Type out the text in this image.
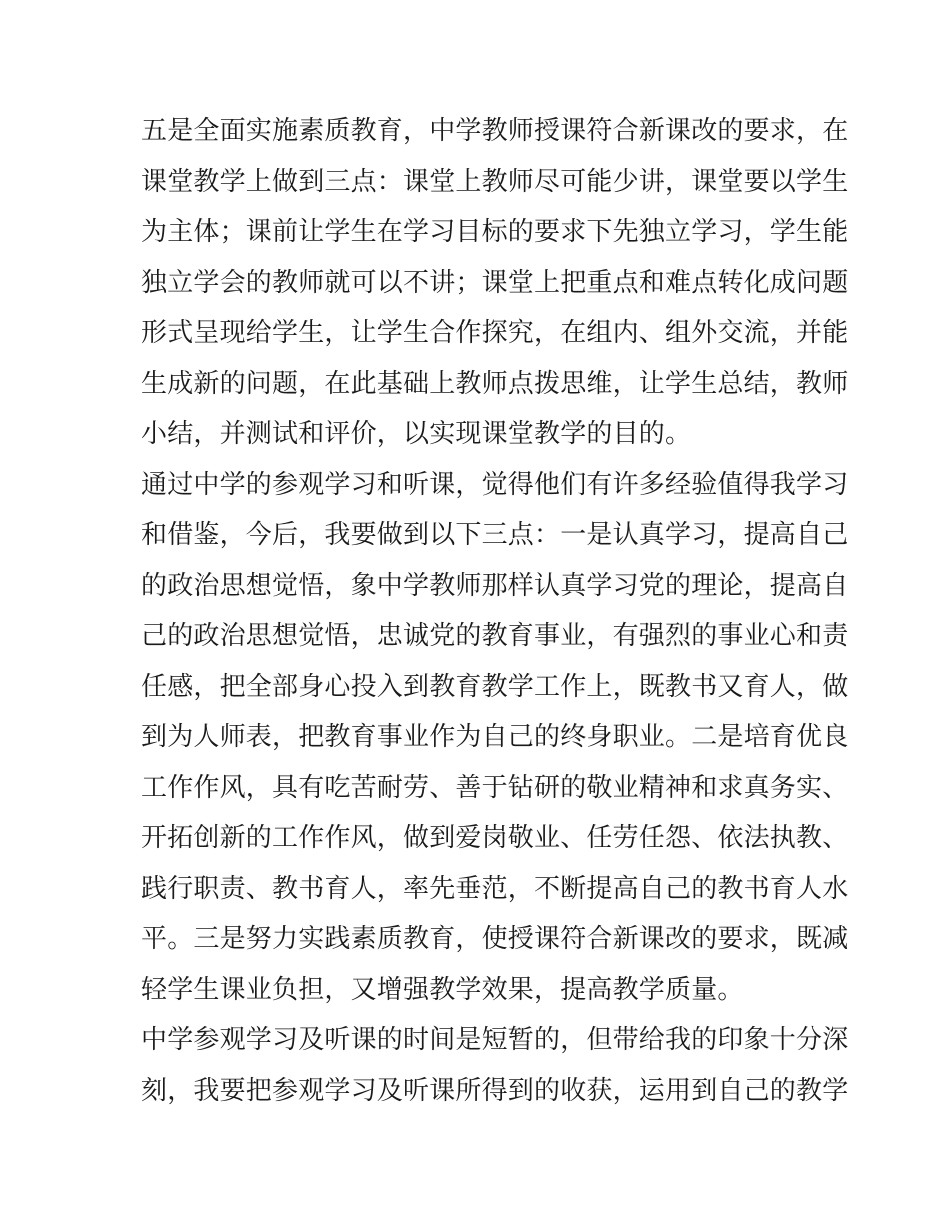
五是全面实施素质教育，中学教师授课符合新课改的要求，在
课堂教学上做到三点：课堂上教师尽可能少讲，课堂要以学生
为主体；课前让学生在学习目标的要求下先独立学习，学生能
独立学会的教师就可以不讲；课堂上把重点和难点转化成问题
形式呈现给学生，让学生合作探究，在组内、组外交流，并能
生成新的问题，在此基础上教师点拨思维，让学生总结，教师
小结，并测试和评价，以实现课堂教学的目的。
通过中学的参观学习和听课，觉得他们有许多经验值得我学习
和借鉴，今后，我要做到以下三点：一是认真学习，提高自己
的政治思想觉悟，象中学教师那样认真学习党的理论，提高自
己的政治思想觉悟，忠诚党的教育事业，有强烈的事业心和责
任感，把全部身心投入到教育教学工作上，既教书又育人，做
到为人师表，把教育事业作为自己的终身职业。二是培育优良
工作作风，具有吃苦耐劳、善于钻研的敬业精神和求真务实、
开拓创新的工作作风，做到爱岗敬业、任劳任怨、依法执教、
践行职责、教书育人，率先垂范，不断提高自己的教书育人水
平。三是努力实践素质教育，使授课符合新课改的要求，既减
轻学生课业负担，又增强教学效果，提高教学质量。
中学参观学习及听课的时间是短暂的，但带给我的印象十分深
刻，我要把参观学习及听课所得到的收获，运用到自己的教学
